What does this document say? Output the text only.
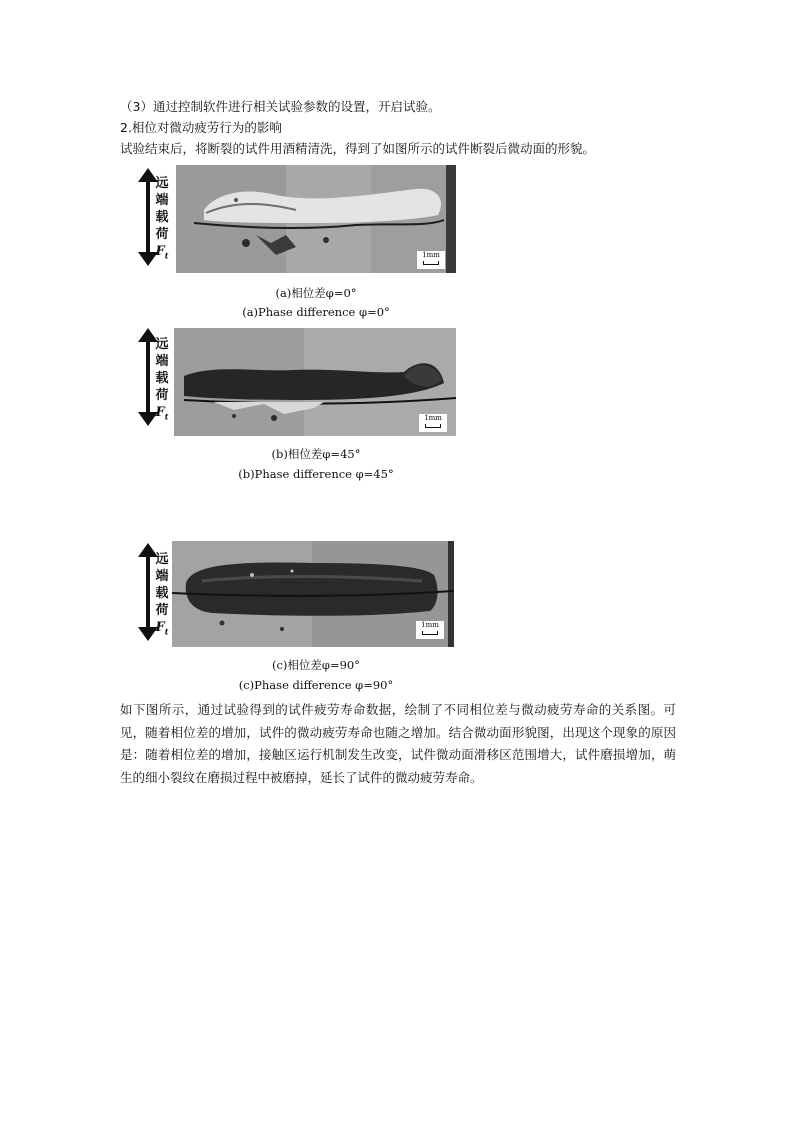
（3）通过控制软件进行相关试验参数的设置，开启试验。
2.相位对微动疲劳行为的影响
试验结束后，将断裂的试件用酒精清洗，得到了如图所示的试件断裂后微动面的形貌。
远
端
载
荷
$F_t$	1mm
(a)相位差φ=0°
(a)Phase difference φ=0°
远
端
载
荷
$F_t$	1mm
(b)相位差φ=45°
(b)Phase difference φ=45°
远
端
载
荷
$F_t$
1mm
(c)相位差φ=90°
(c)Phase difference φ=90°
如下图所示，通过试验得到的试件疲劳寿命数据，绘制了不同相位差与微动疲劳寿命的关系图。可见，随着相位差的增加，试件的微动疲劳寿命也随之增加。结合微动面形貌图，出现这个现象的原因是：随着相位差的增加，接触区运行机制发生改变，试件微动面滑移区范围增大，试件磨损增加，萌生的细小裂纹在磨损过程中被磨掉，延长了试件的微动疲劳寿命。
